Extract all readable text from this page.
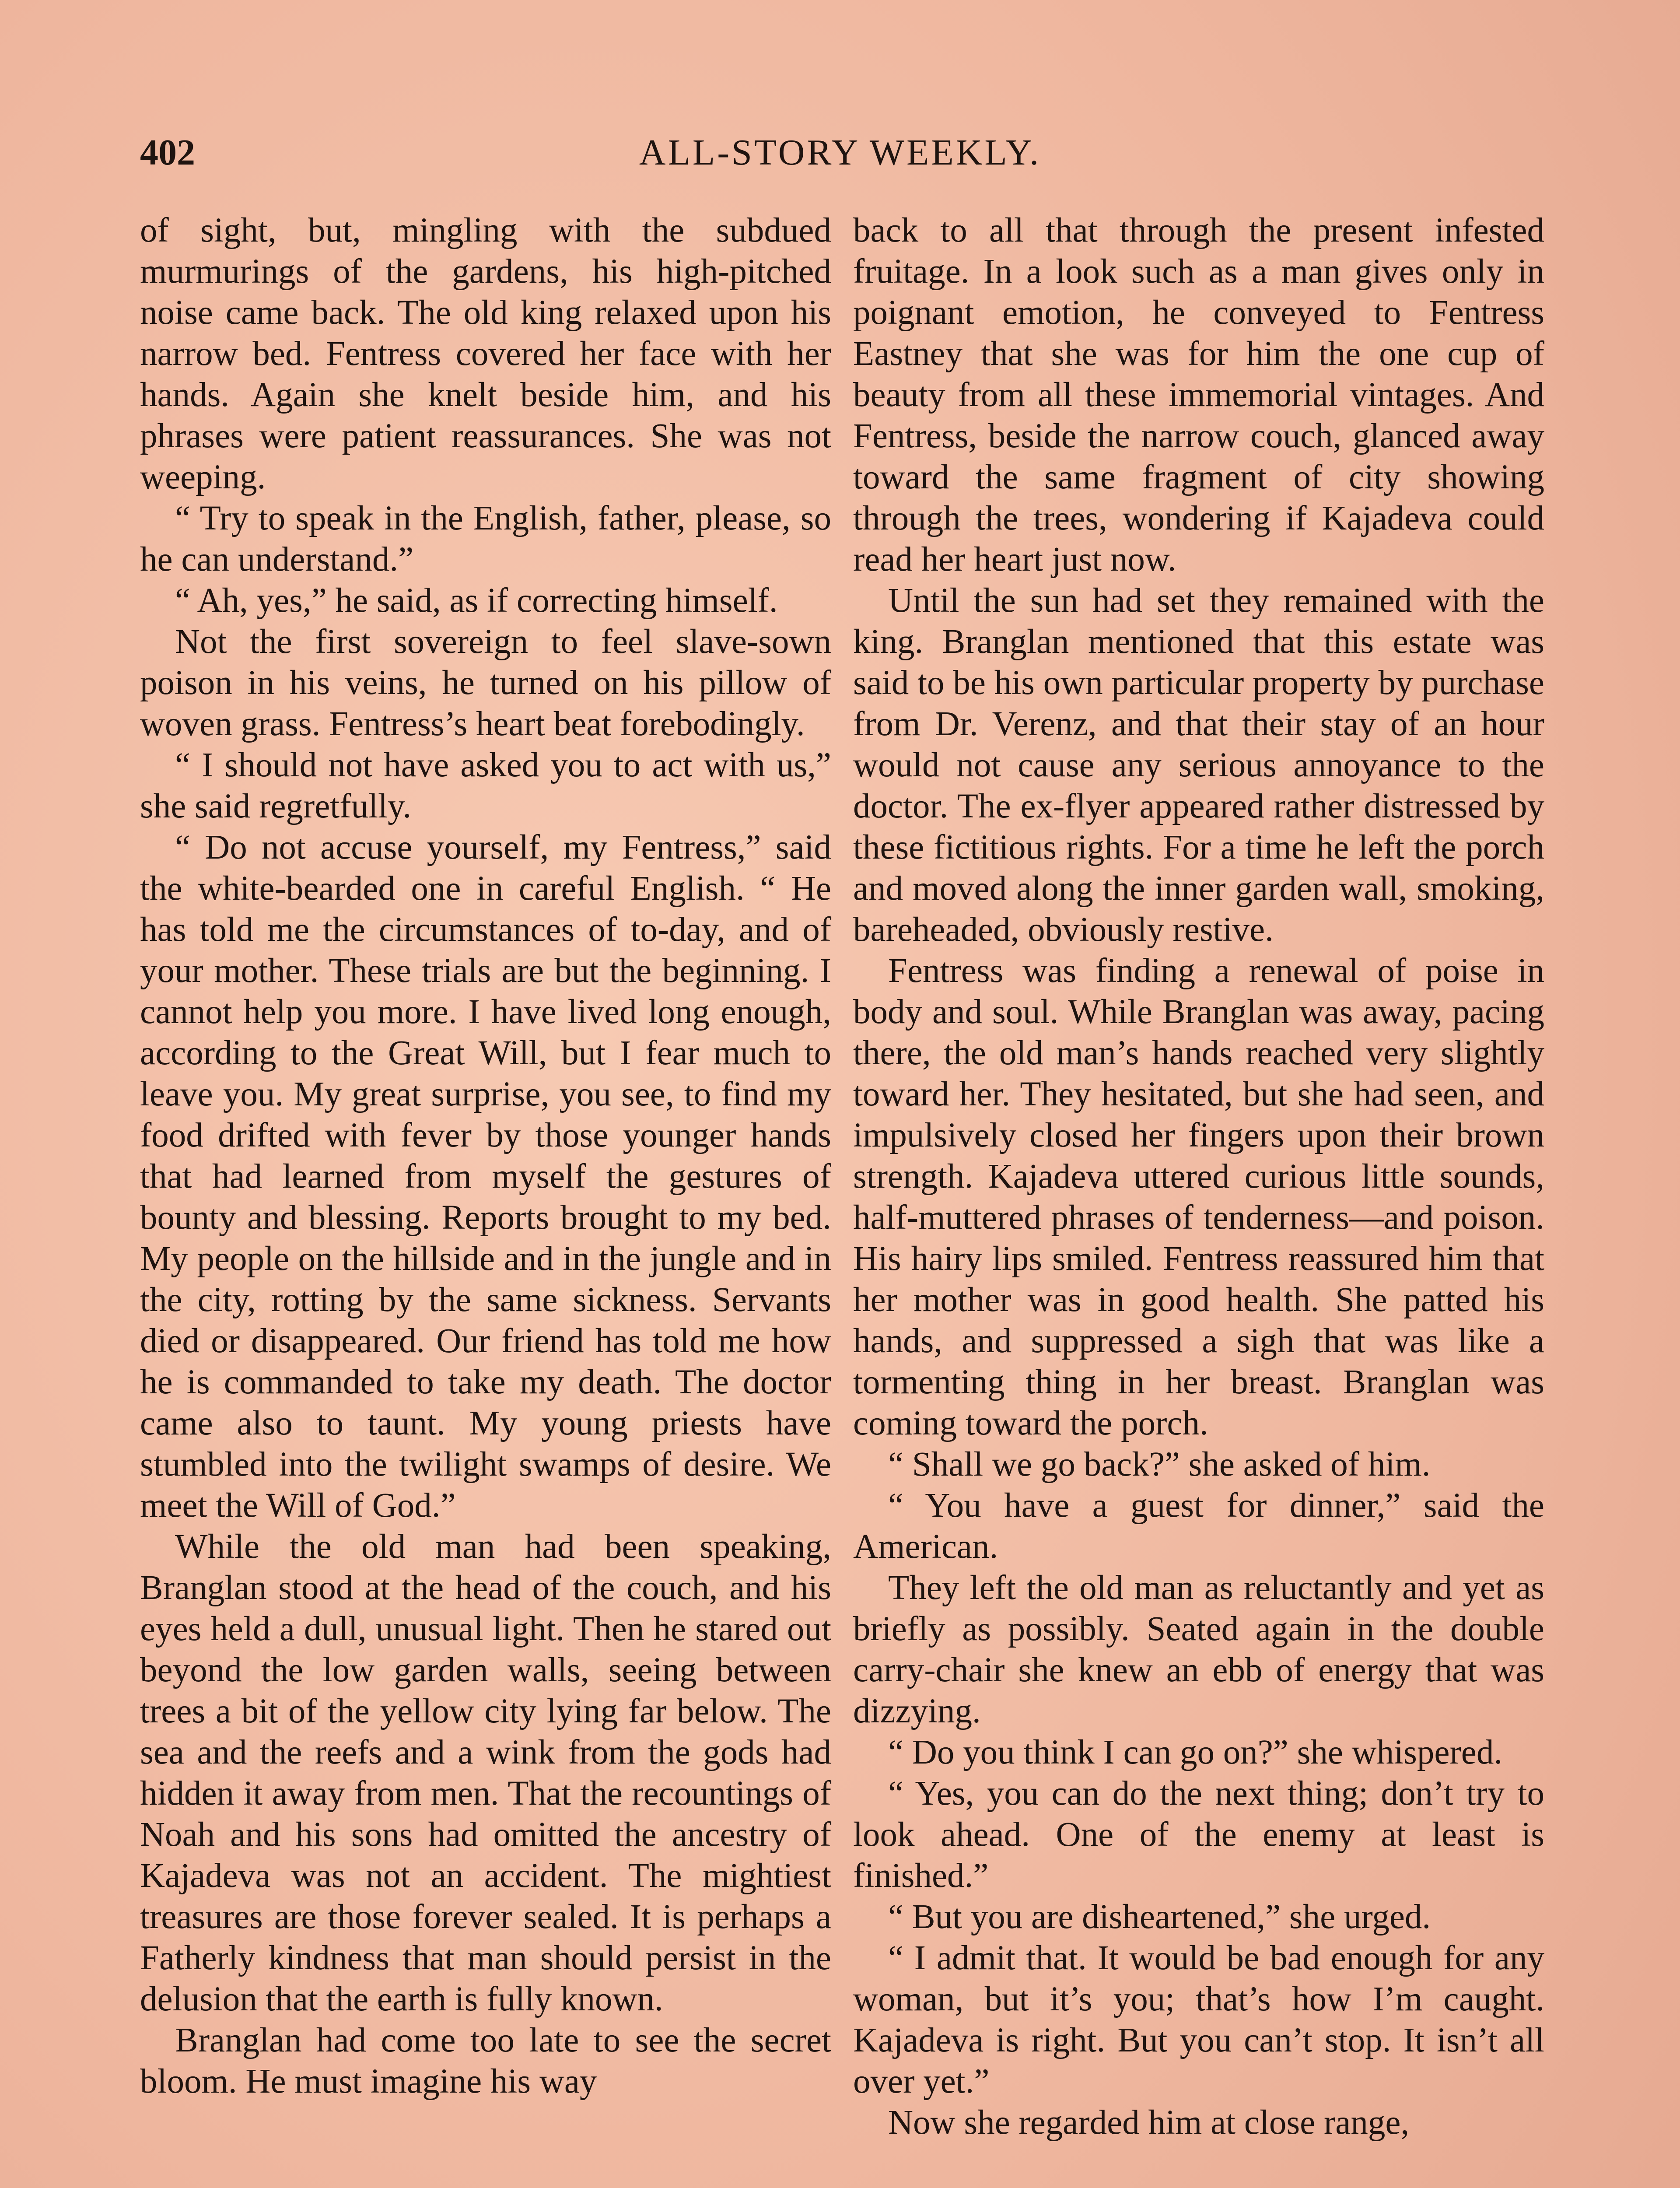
402	ALL-STORY WEEKLY.

of sight, but, mingling with the subdued murmurings of the gardens, his high-pitched noise came back. The old king relaxed upon his narrow bed. Fentress covered her face with her hands. Again she knelt beside him, and his phrases were patient reassurances. She was not weeping.

“ Try to speak in the English, father, please, so he can understand.”

“ Ah, yes,” he said, as if correcting himself.

Not the first sovereign to feel slave-sown poison in his veins, he turned on his pillow of woven grass. Fentress’s heart beat forebodingly.

“ I should not have asked you to act with us,” she said regretfully.

“ Do not accuse yourself, my Fentress,” said the white-bearded one in careful English. “ He has told me the circumstances of to-day, and of your mother. These trials are but the beginning. I cannot help you more. I have lived long enough, according to the Great Will, but I fear much to leave you. My great surprise, you see, to find my food drifted with fever by those younger hands that had learned from myself the gestures of bounty and blessing. Reports brought to my bed. My people on the hillside and in the jungle and in the city, rotting by the same sickness. Servants died or disappeared. Our friend has told me how he is commanded to take my death. The doctor came also to taunt. My young priests have stumbled into the twilight swamps of desire. We meet the Will of God.”

While the old man had been speaking, Branglan stood at the head of the couch, and his eyes held a dull, unusual light. Then he stared out beyond the low garden walls, seeing between trees a bit of the yellow city lying far below. The sea and the reefs and a wink from the gods had hidden it away from men. That the recountings of Noah and his sons had omitted the ancestry of Kajadeva was not an accident. The mightiest treasures are those forever sealed. It is perhaps a Fatherly kindness that man should persist in the delusion that the earth is fully known.

Branglan had come too late to see the secret bloom. He must imagine his way

back to all that through the present infested fruitage. In a look such as a man gives only in poignant emotion, he conveyed to Fentress Eastney that she was for him the one cup of beauty from all these immemorial vintages. And Fentress, beside the narrow couch, glanced away toward the same fragment of city showing through the trees, wondering if Kajadeva could read her heart just now.

Until the sun had set they remained with the king. Branglan mentioned that this estate was said to be his own particular property by purchase from Dr. Verenz, and that their stay of an hour would not cause any serious annoyance to the doctor. The ex-flyer appeared rather distressed by these fictitious rights. For a time he left the porch and moved along the inner garden wall, smoking, bareheaded, obviously restive.

Fentress was finding a renewal of poise in body and soul. While Branglan was away, pacing there, the old man’s hands reached very slightly toward her. They hesitated, but she had seen, and impulsively closed her fingers upon their brown strength. Kajadeva uttered curious little sounds, half-muttered phrases of tenderness—and poison. His hairy lips smiled. Fentress reassured him that her mother was in good health. She patted his hands, and suppressed a sigh that was like a tormenting thing in her breast. Branglan was coming toward the porch.

“ Shall we go back?” she asked of him.

“ You have a guest for dinner,” said the American.

They left the old man as reluctantly and yet as briefly as possibly. Seated again in the double carry-chair she knew an ebb of energy that was dizzying.

“ Do you think I can go on?” she whispered.

“ Yes, you can do the next thing; don’t try to look ahead. One of the enemy at least is finished.”

“ But you are disheartened,” she urged.

“ I admit that. It would be bad enough for any woman, but it’s you; that’s how I’m caught. Kajadeva is right. But you can’t stop. It isn’t all over yet.”

Now she regarded him at close range,
